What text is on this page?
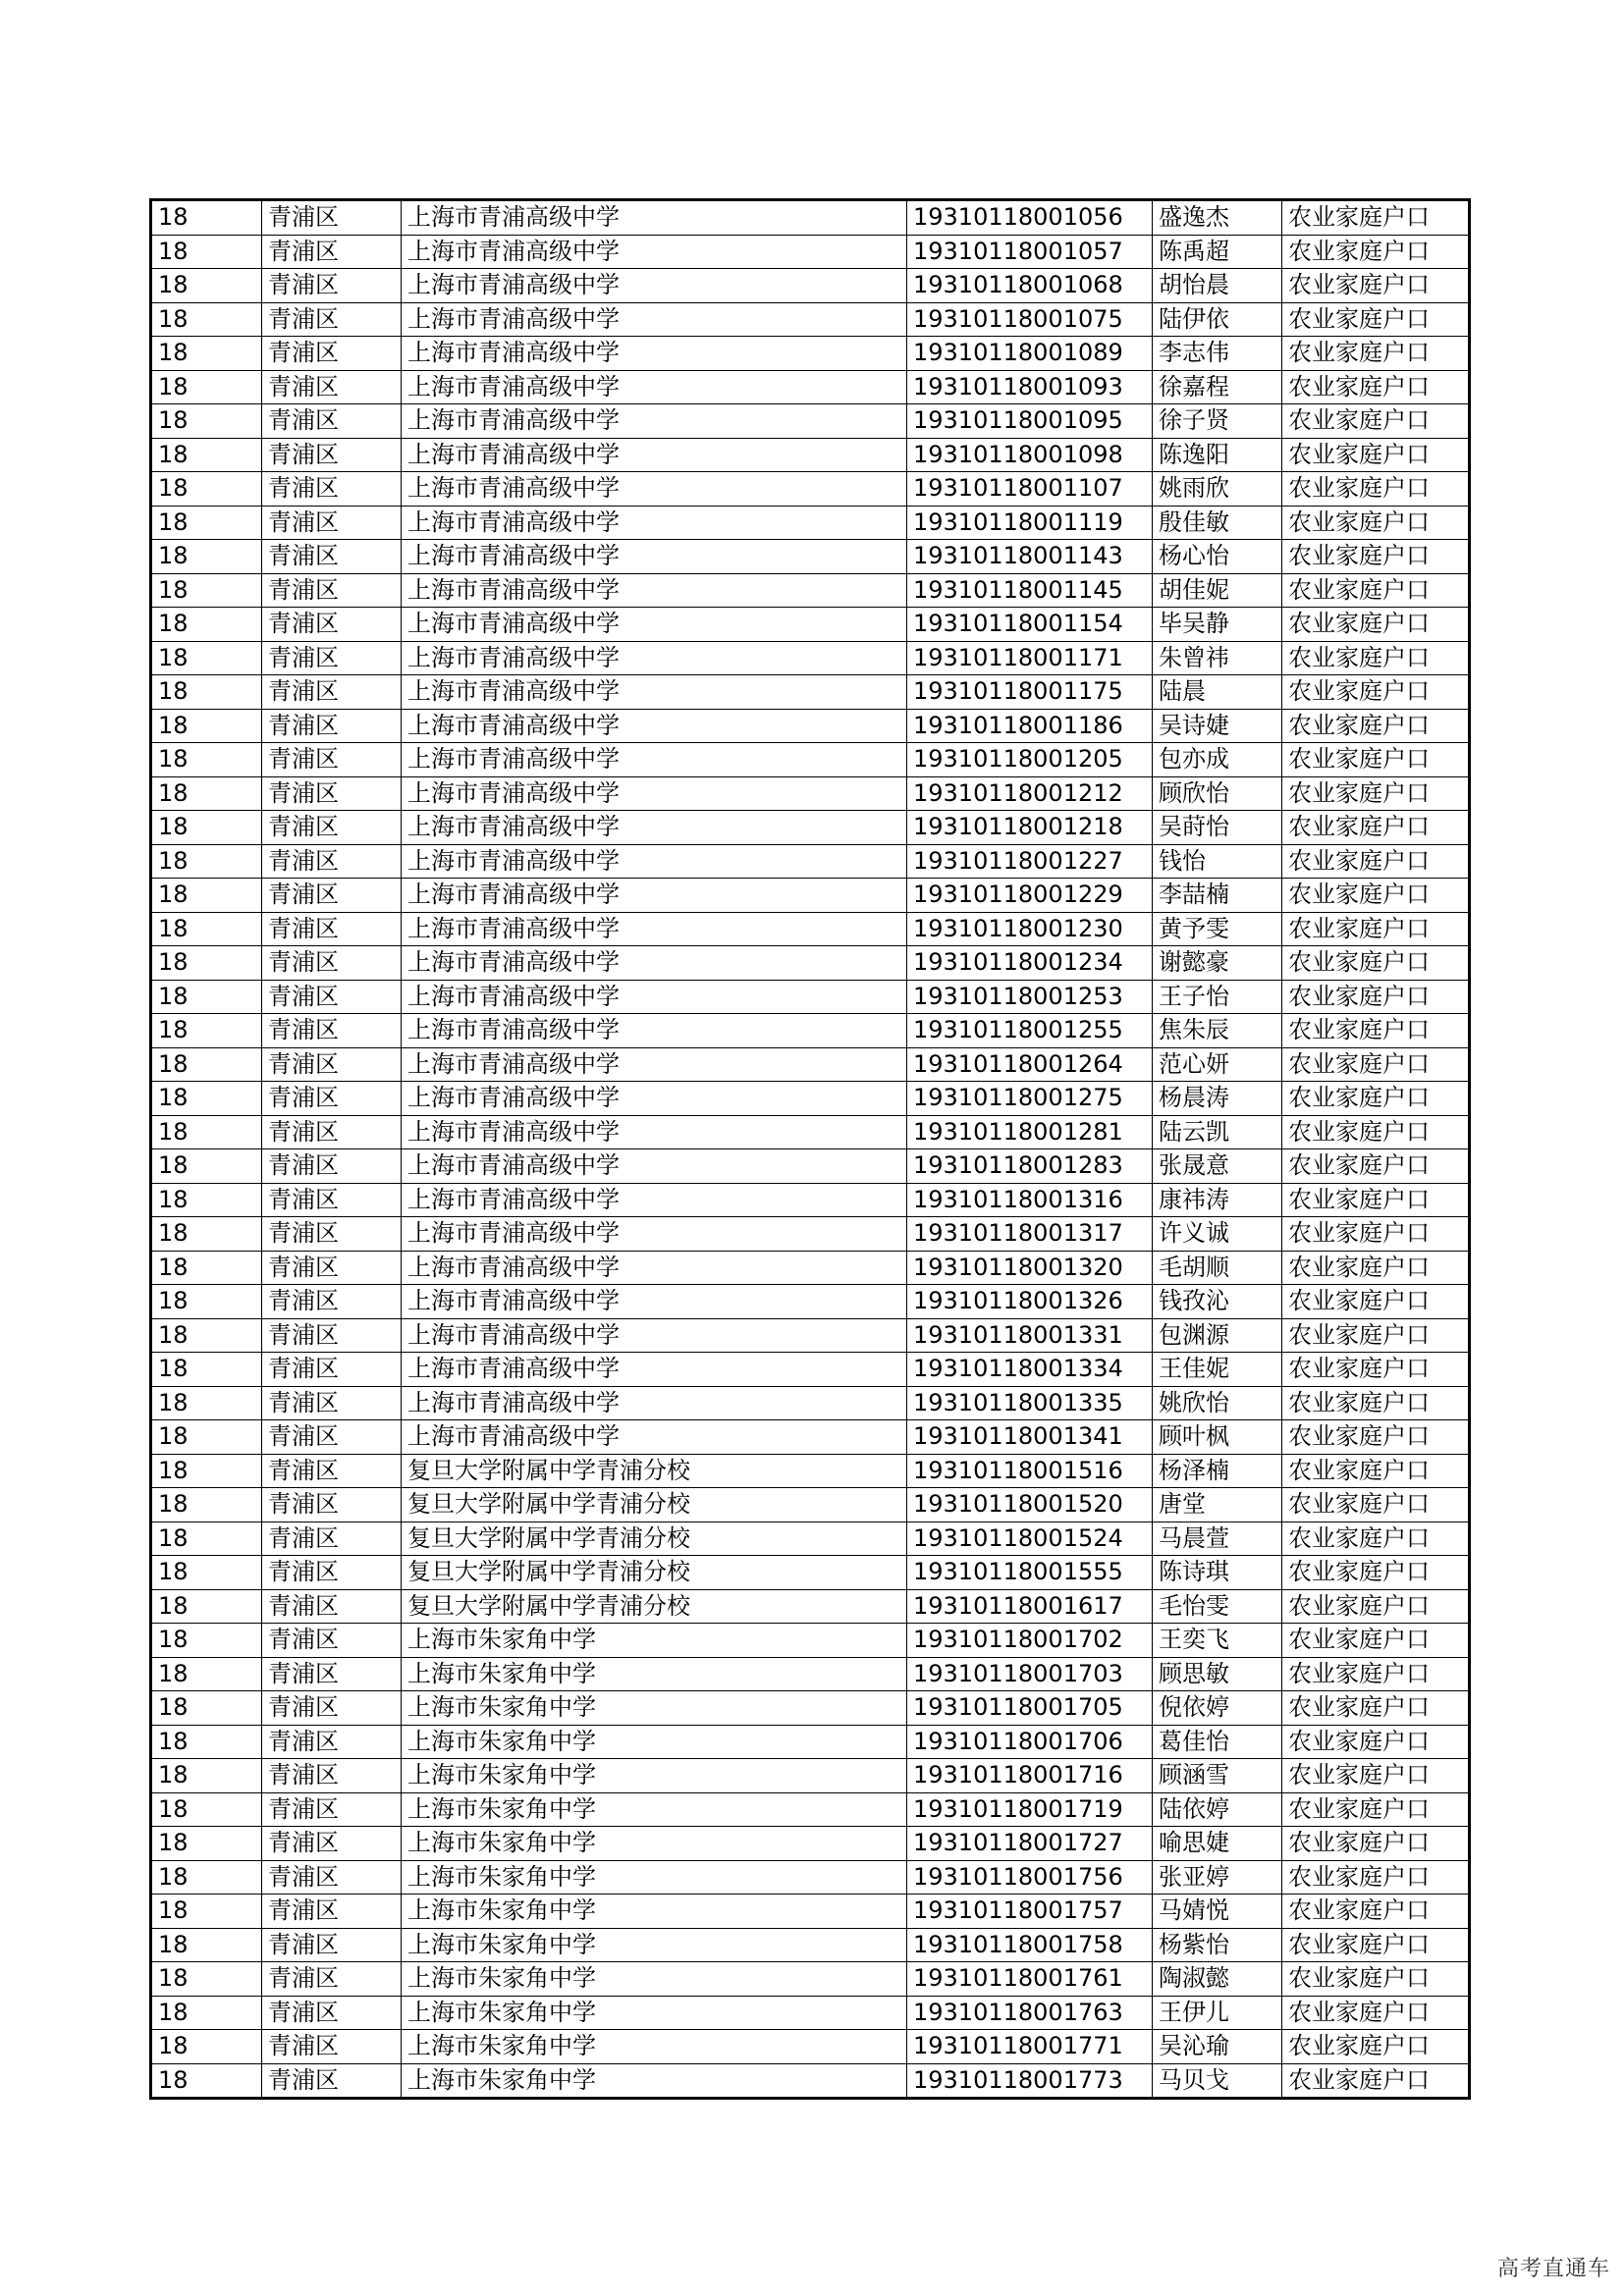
18	青浦区	上海市青浦高级中学	19310118001056	盛逸杰	农业家庭户口
18	青浦区	上海市青浦高级中学	19310118001057	陈禹超	农业家庭户口
18	青浦区	上海市青浦高级中学	19310118001068	胡怡晨	农业家庭户口
18	青浦区	上海市青浦高级中学	19310118001075	陆伊依	农业家庭户口
18	青浦区	上海市青浦高级中学	19310118001089	李志伟	农业家庭户口
18	青浦区	上海市青浦高级中学	19310118001093	徐嘉程	农业家庭户口
18	青浦区	上海市青浦高级中学	19310118001095	徐子贤	农业家庭户口
18	青浦区	上海市青浦高级中学	19310118001098	陈逸阳	农业家庭户口
18	青浦区	上海市青浦高级中学	19310118001107	姚雨欣	农业家庭户口
18	青浦区	上海市青浦高级中学	19310118001119	殷佳敏	农业家庭户口
18	青浦区	上海市青浦高级中学	19310118001143	杨心怡	农业家庭户口
18	青浦区	上海市青浦高级中学	19310118001145	胡佳妮	农业家庭户口
18	青浦区	上海市青浦高级中学	19310118001154	毕吴静	农业家庭户口
18	青浦区	上海市青浦高级中学	19310118001171	朱曾祎	农业家庭户口
18	青浦区	上海市青浦高级中学	19310118001175	陆晨	农业家庭户口
18	青浦区	上海市青浦高级中学	19310118001186	吴诗婕	农业家庭户口
18	青浦区	上海市青浦高级中学	19310118001205	包亦成	农业家庭户口
18	青浦区	上海市青浦高级中学	19310118001212	顾欣怡	农业家庭户口
18	青浦区	上海市青浦高级中学	19310118001218	吴莳怡	农业家庭户口
18	青浦区	上海市青浦高级中学	19310118001227	钱怡	农业家庭户口
18	青浦区	上海市青浦高级中学	19310118001229	李喆楠	农业家庭户口
18	青浦区	上海市青浦高级中学	19310118001230	黄予雯	农业家庭户口
18	青浦区	上海市青浦高级中学	19310118001234	谢懿豪	农业家庭户口
18	青浦区	上海市青浦高级中学	19310118001253	王子怡	农业家庭户口
18	青浦区	上海市青浦高级中学	19310118001255	焦朱辰	农业家庭户口
18	青浦区	上海市青浦高级中学	19310118001264	范心妍	农业家庭户口
18	青浦区	上海市青浦高级中学	19310118001275	杨晨涛	农业家庭户口
18	青浦区	上海市青浦高级中学	19310118001281	陆云凯	农业家庭户口
18	青浦区	上海市青浦高级中学	19310118001283	张晟意	农业家庭户口
18	青浦区	上海市青浦高级中学	19310118001316	康祎涛	农业家庭户口
18	青浦区	上海市青浦高级中学	19310118001317	许义诚	农业家庭户口
18	青浦区	上海市青浦高级中学	19310118001320	毛胡顺	农业家庭户口
18	青浦区	上海市青浦高级中学	19310118001326	钱孜沁	农业家庭户口
18	青浦区	上海市青浦高级中学	19310118001331	包渊源	农业家庭户口
18	青浦区	上海市青浦高级中学	19310118001334	王佳妮	农业家庭户口
18	青浦区	上海市青浦高级中学	19310118001335	姚欣怡	农业家庭户口
18	青浦区	上海市青浦高级中学	19310118001341	顾叶枫	农业家庭户口
18	青浦区	复旦大学附属中学青浦分校	19310118001516	杨泽楠	农业家庭户口
18	青浦区	复旦大学附属中学青浦分校	19310118001520	唐堂	农业家庭户口
18	青浦区	复旦大学附属中学青浦分校	19310118001524	马晨萱	农业家庭户口
18	青浦区	复旦大学附属中学青浦分校	19310118001555	陈诗琪	农业家庭户口
18	青浦区	复旦大学附属中学青浦分校	19310118001617	毛怡雯	农业家庭户口
18	青浦区	上海市朱家角中学	19310118001702	王奕飞	农业家庭户口
18	青浦区	上海市朱家角中学	19310118001703	顾思敏	农业家庭户口
18	青浦区	上海市朱家角中学	19310118001705	倪依婷	农业家庭户口
18	青浦区	上海市朱家角中学	19310118001706	葛佳怡	农业家庭户口
18	青浦区	上海市朱家角中学	19310118001716	顾涵雪	农业家庭户口
18	青浦区	上海市朱家角中学	19310118001719	陆依婷	农业家庭户口
18	青浦区	上海市朱家角中学	19310118001727	喻思婕	农业家庭户口
18	青浦区	上海市朱家角中学	19310118001756	张亚婷	农业家庭户口
18	青浦区	上海市朱家角中学	19310118001757	马婧悦	农业家庭户口
18	青浦区	上海市朱家角中学	19310118001758	杨紫怡	农业家庭户口
18	青浦区	上海市朱家角中学	19310118001761	陶淑懿	农业家庭户口
18	青浦区	上海市朱家角中学	19310118001763	王伊儿	农业家庭户口
18	青浦区	上海市朱家角中学	19310118001771	吴沁瑜	农业家庭户口
18	青浦区	上海市朱家角中学	19310118001773	马贝戈	农业家庭户口
高考直通车
